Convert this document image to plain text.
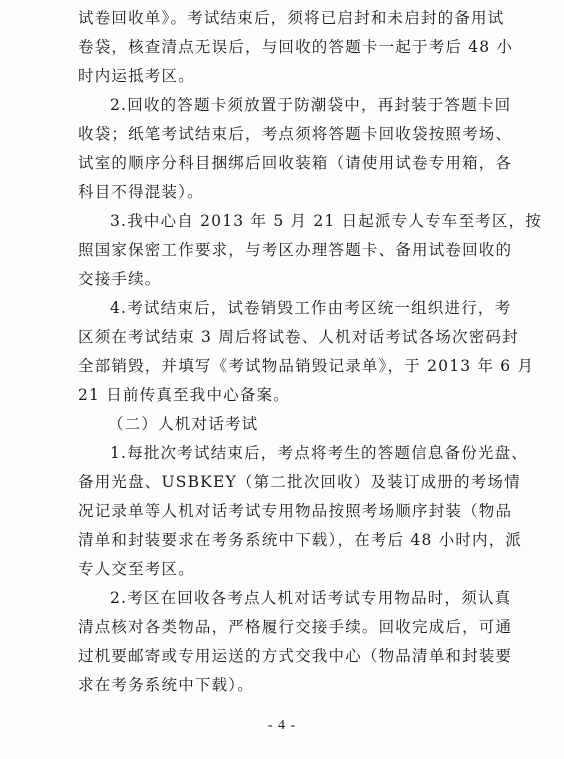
试卷回收单》。考试结束后，须将已启封和未启封的备用试
卷袋，核查清点无误后，与回收的答题卡一起于考后 48 小
时内运抵考区。
2.回收的答题卡须放置于防潮袋中，再封装于答题卡回
收袋；纸笔考试结束后，考点须将答题卡回收袋按照考场、
试室的顺序分科目捆绑后回收装箱（请使用试卷专用箱，各
科目不得混装）。
3.我中心自 2013 年 5 月 21 日起派专人专车至考区，按
照国家保密工作要求，与考区办理答题卡、备用试卷回收的
交接手续。
4.考试结束后，试卷销毁工作由考区统一组织进行，考
区须在考试结束 3 周后将试卷、人机对话考试各场次密码封
全部销毁，并填写《考试物品销毁记录单》，于 2013 年 6 月
21 日前传真至我中心备案。
（二）人机对话考试
1.每批次考试结束后，考点将考生的答题信息备份光盘、
备用光盘、USBKEY（第二批次回收）及装订成册的考场情
况记录单等人机对话考试专用物品按照考场顺序封装（物品
清单和封装要求在考务系统中下载），在考后 48 小时内，派
专人交至考区。
2.考区在回收各考点人机对话考试专用物品时，须认真
清点核对各类物品，严格履行交接手续。回收完成后，可通
过机要邮寄或专用运送的方式交我中心（物品清单和封装要
求在考务系统中下载）。
- 4 -
